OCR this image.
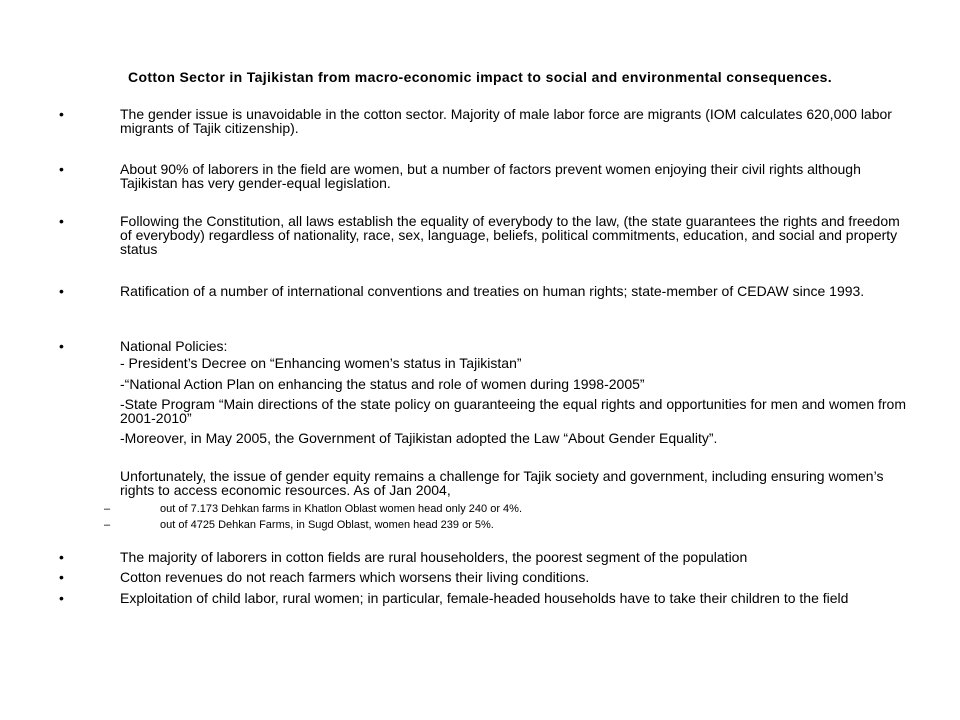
Cotton Sector in Tajikistan from macro-economic impact to social and environmental consequences.
•	The gender issue is unavoidable in the cotton sector. Majority of male labor force are migrants (IOM calculates 620,000 labor migrants of Tajik citizenship).
•	About 90% of laborers in the field are women, but a number of factors prevent women enjoying their civil rights although Tajikistan has very gender-equal legislation.
•	Following the Constitution, all laws establish the equality of everybody to the law, (the state guarantees the rights and freedom of everybody) regardless of nationality, race, sex, language, beliefs, political commitments, education, and social and property status
•	Ratification of a number of international conventions and treaties on human rights; state-member of CEDAW since 1993.
•	National Policies:
- President’s Decree on “Enhancing women’s status in Tajikistan”
-“National Action Plan on enhancing the status and role of women during 1998-2005”
-State Program “Main directions of the state policy on guaranteeing the equal rights and opportunities for men and women from 2001-2010”
-Moreover, in May 2005, the Government of Tajikistan adopted the Law “About Gender Equality”.
Unfortunately, the issue of gender equity remains a challenge for Tajik society and government, including ensuring women’s rights to access economic resources. As of Jan 2004,
–	out of 7.173 Dehkan farms in Khatlon Oblast women head only 240 or 4%.
–	out of 4725 Dehkan Farms, in Sugd Oblast, women head 239 or 5%.
•	The majority of laborers in cotton fields are rural householders, the poorest segment of the population
•	Cotton revenues do not reach farmers which worsens their living conditions.
•	Exploitation of child labor, rural women; in particular, female-headed households have to take their children to the field
